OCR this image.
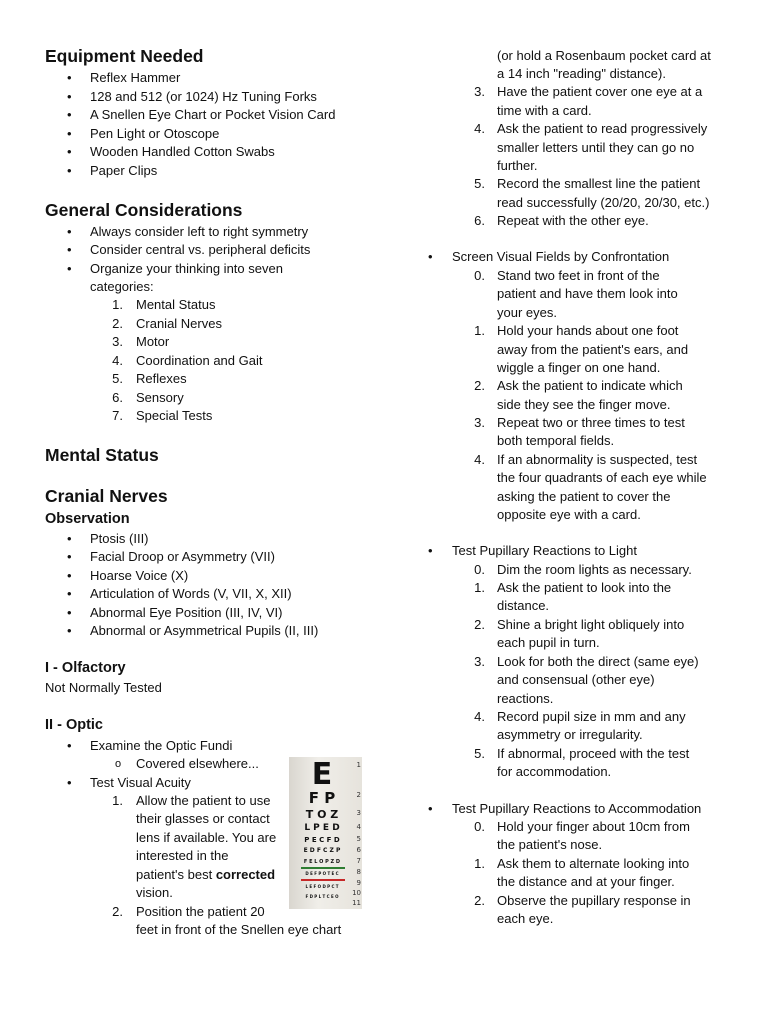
Equipment Needed
• Reflex Hammer
• 128 and 512 (or 1024) Hz Tuning Forks
• A Snellen Eye Chart or Pocket Vision Card
• Pen Light or Otoscope
• Wooden Handled Cotton Swabs
• Paper Clips
General Considerations
• Always consider left to right symmetry
• Consider central vs. peripheral deficits
• Organize your thinking into seven
categories:
1. Mental Status
2. Cranial Nerves
3. Motor
4. Coordination and Gait
5. Reflexes
6. Sensory
7. Special Tests
Mental Status
Cranial Nerves
Observation
• Ptosis (III)
• Facial Droop or Asymmetry (VII)
• Hoarse Voice (X)
• Articulation of Words (V, VII, X, XII)
• Abnormal Eye Position (III, IV, VI)
• Abnormal or Asymmetrical Pupils (II, III)
I - Olfactory
Not Normally Tested
II - Optic
• Examine the Optic Fundi
o Covered elsewhere...
• Test Visual Acuity
1. Allow the patient to use
their glasses or contact
lens if available. You are
interested in the
patient's best corrected
vision.
2. Position the patient 20
feet in front of the Snellen eye chart
E
F P
T O Z
L P E D
P E C F D
E D F C Z P
F E L O P Z D
D E F P O T E C
L E F O D P C T
F D P L T C E O
1
2
3
4
5
6
7
8
9
10
11
(or hold a Rosenbaum pocket card at
a 14 inch "reading" distance).
3. Have the patient cover one eye at a
time with a card.
4. Ask the patient to read progressively
smaller letters until they can go no
further.
5. Record the smallest line the patient
read successfully (20/20, 20/30, etc.)
6. Repeat with the other eye.
• Screen Visual Fields by Confrontation
0. Stand two feet in front of the
patient and have them look into
your eyes.
1. Hold your hands about one foot
away from the patient's ears, and
wiggle a finger on one hand.
2. Ask the patient to indicate which
side they see the finger move.
3. Repeat two or three times to test
both temporal fields.
4. If an abnormality is suspected, test
the four quadrants of each eye while
asking the patient to cover the
opposite eye with a card.
• Test Pupillary Reactions to Light
0. Dim the room lights as necessary.
1. Ask the patient to look into the
distance.
2. Shine a bright light obliquely into
each pupil in turn.
3. Look for both the direct (same eye)
and consensual (other eye)
reactions.
4. Record pupil size in mm and any
asymmetry or irregularity.
5. If abnormal, proceed with the test
for accommodation.
• Test Pupillary Reactions to Accommodation
0. Hold your finger about 10cm from
the patient's nose.
1. Ask them to alternate looking into
the distance and at your finger.
2. Observe the pupillary response in
each eye.
